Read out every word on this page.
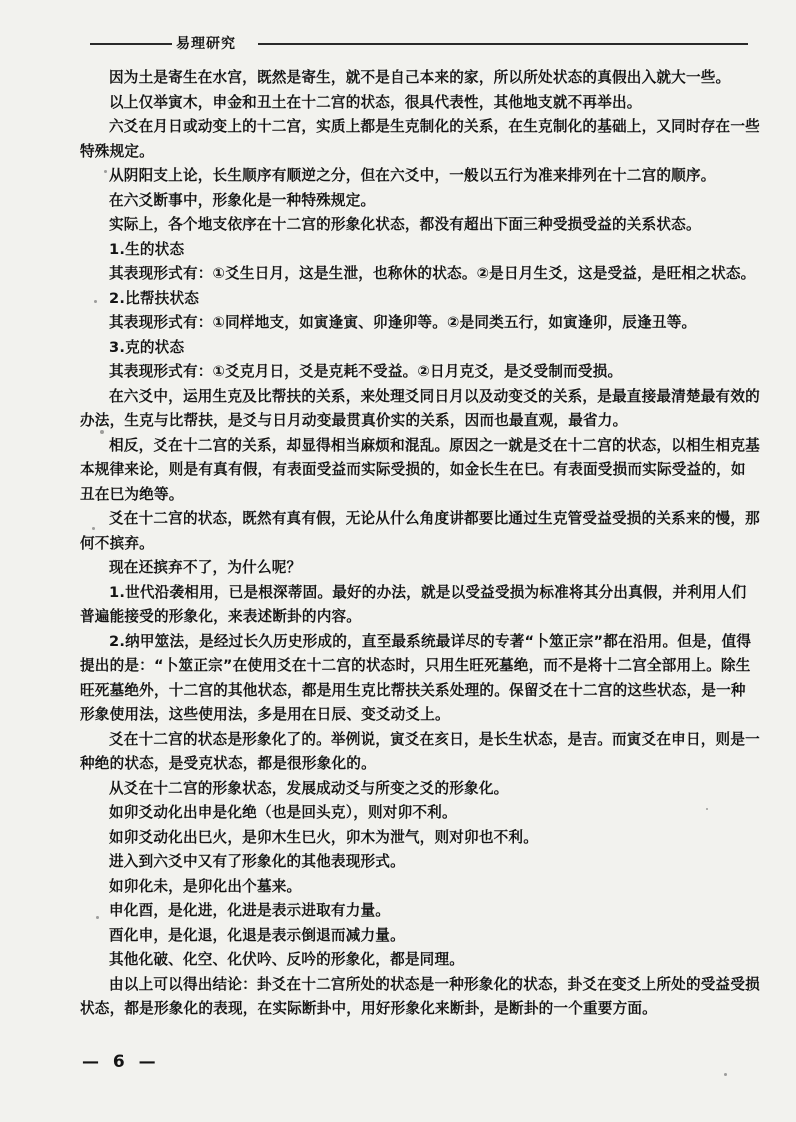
易理研究

因为土是寄生在水宫，既然是寄生，就不是自己本来的家，所以所处状态的真假出入就大一些。

以上仅举寅木，申金和丑土在十二宫的状态，很具代表性，其他地支就不再举出。

六爻在月日或动变上的十二宫，实质上都是生克制化的关系，在生克制化的基础上，又同时存在一些特殊规定。

从阴阳支上论，长生顺序有顺逆之分，但在六爻中，一般以五行为准来排列在十二宫的顺序。

在六爻断事中，形象化是一种特殊规定。

实际上，各个地支依序在十二宫的形象化状态，都没有超出下面三种受损受益的关系状态。

1.生的状态

其表现形式有：①爻生日月，这是生泄，也称休的状态。②是日月生爻，这是受益，是旺相之状态。

2.比帮扶状态

其表现形式有：①同样地支，如寅逢寅、卯逢卯等。②是同类五行，如寅逢卯，辰逢丑等。

3.克的状态

其表现形式有：①爻克月日，爻是克耗不受益。②日月克爻，是爻受制而受损。

在六爻中，运用生克及比帮扶的关系，来处理爻同日月以及动变爻的关系，是最直接最清楚最有效的办法，生克与比帮扶，是爻与日月动变最贯真价实的关系，因而也最直观，最省力。

相反，爻在十二宫的关系，却显得相当麻烦和混乱。原因之一就是爻在十二宫的状态，以相生相克基本规律来论，则是有真有假，有表面受益而实际受损的，如金长生在巳。有表面受损而实际受益的，如丑在巳为绝等。

爻在十二宫的状态，既然有真有假，无论从什么角度讲都要比通过生克管受益受损的关系来的慢，那何不摈弃。

现在还摈弃不了，为什么呢？

1.世代沿袭相用，已是根深蒂固。最好的办法，就是以受益受损为标准将其分出真假，并利用人们普遍能接受的形象化，来表述断卦的内容。

2.纳甲筮法，是经过长久历史形成的，直至最系统最详尽的专著“卜筮正宗”都在沿用。但是，值得提出的是：“卜筮正宗”在使用爻在十二宫的状态时，只用生旺死墓绝，而不是将十二宫全部用上。除生旺死墓绝外，十二宫的其他状态，都是用生克比帮扶关系处理的。保留爻在十二宫的这些状态，是一种形象使用法，这些使用法，多是用在日辰、变爻动爻上。

爻在十二宫的状态是形象化了的。举例说，寅爻在亥日，是长生状态，是吉。而寅爻在申日，则是一种绝的状态，是受克状态，都是很形象化的。

从爻在十二宫的形象状态，发展成动爻与所变之爻的形象化。

如卯爻动化出申是化绝（也是回头克），则对卯不利。

如卯爻动化出巳火，是卯木生巳火，卯木为泄气，则对卯也不利。

进入到六爻中又有了形象化的其他表现形式。

如卯化未，是卯化出个墓来。

申化酉，是化进，化进是表示进取有力量。

酉化申，是化退，化退是表示倒退而减力量。

其他化破、化空、化伏吟、反吟的形象化，都是同理。

由以上可以得出结论：卦爻在十二宫所处的状态是一种形象化的状态，卦爻在变爻上所处的受益受损状态，都是形象化的表现，在实际断卦中，用好形象化来断卦，是断卦的一个重要方面。

— 6 —
